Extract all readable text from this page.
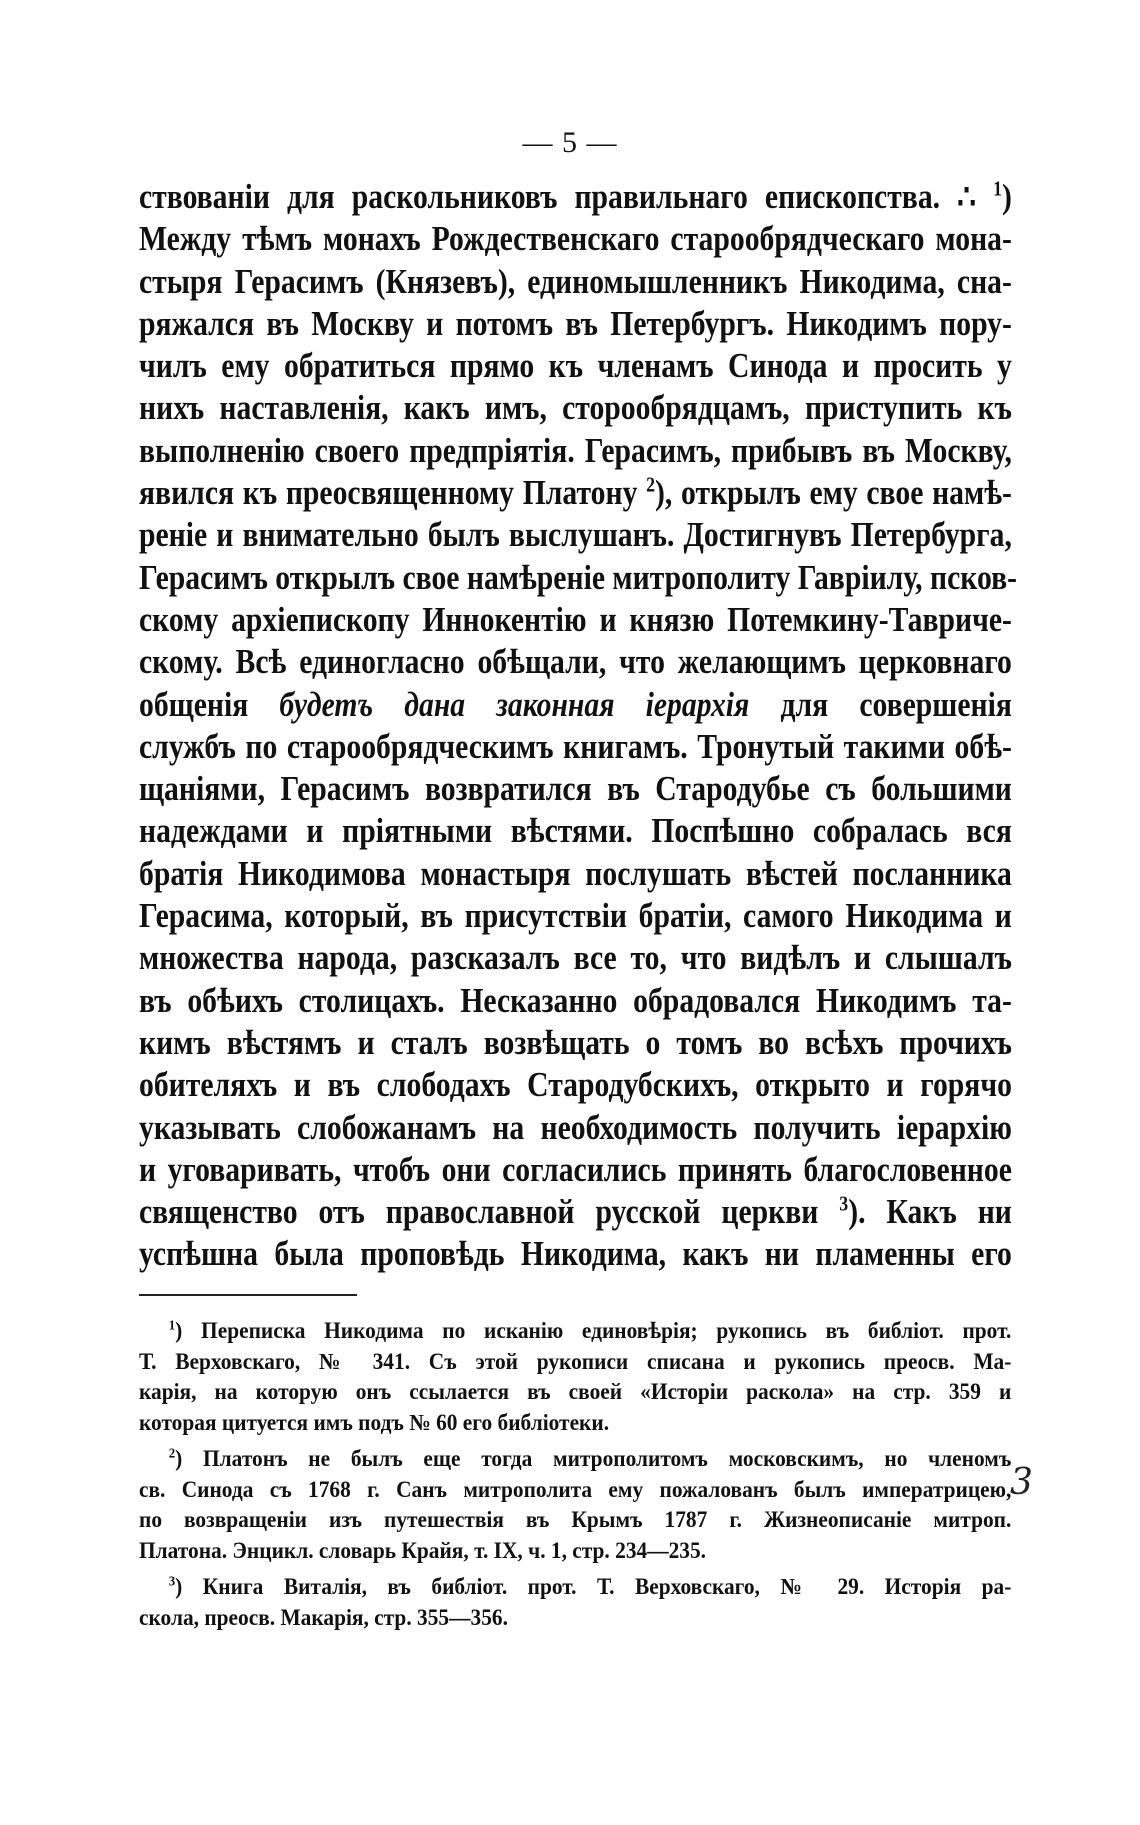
— 5 —
ствованіи для раскольниковъ правильнаго епископства. ∴ $^1$)
Между тѣмъ монахъ Рождественскаго старообрядческаго мона-
стыря Герасимъ (Князевъ), единомышленникъ Никодима, сна-
ряжался въ Москву и потомъ въ Петербургъ. Никодимъ пору-
чилъ ему обратиться прямо къ членамъ Синода и просить у
нихъ наставленія, какъ имъ, сторообрядцамъ, приступить къ
выполненію своего предпріятія. Герасимъ, прибывъ въ Москву,
явился къ преосвященному Платону $^2$), открылъ ему свое намѣ-
реніе и внимательно былъ выслушанъ. Достигнувъ Петербурга,
Герасимъ открылъ свое намѣреніе митрополиту Гавріилу, псков-
скому архіепископу Иннокентію и князю Потемкину-Тавриче-
скому. Всѣ единогласно обѣщали, что желающимъ церковнаго
общенія будетъ дана законная іерархія для совершенія
службъ по старообрядческимъ книгамъ. Тронутый такими обѣ-
щаніями, Герасимъ возвратился въ Стародубье съ большими
надеждами и пріятными вѣстями. Поспѣшно собралась вся
братія Никодимова монастыря послушать вѣстей посланника
Герасима, который, въ присутствіи братіи, самого Никодима и
множества народа, разсказалъ все то, что видѣлъ и слышалъ
въ обѣихъ столицахъ. Несказанно обрадовался Никодимъ та-
кимъ вѣстямъ и сталъ возвѣщать о томъ во всѣхъ прочихъ
обителяхъ и въ слободахъ Стародубскихъ, открыто и горячо
указывать слобожанамъ на необходимость получить іерархію
и уговаривать, чтобъ они согласились принять благословенное
священство отъ православной русской церкви $^3$). Какъ ни
успѣшна была проповѣдь Никодима, какъ ни пламенны его
$^1$) Переписка Никодима по исканію единовѣрія; рукопись въ библіот. прот.
Т. Верховскаго, № 341. Съ этой рукописи списана и рукопись преосв. Ма-
карія, на которую онъ ссылается въ своей «Исторіи раскола» на стр. 359 и
которая цитуется имъ подъ № 60 его библіотеки.
$^2$) Платонъ не былъ еще тогда митрополитомъ московскимъ, но членомъ
св. Синода съ 1768 г. Санъ митрополита ему пожалованъ былъ императрицею,
по возвращеніи изъ путешествія въ Крымъ 1787 г. Жизнеописаніе митроп.
Платона. Энцикл. словарь Крайя, т. IX, ч. 1, стр. 234—235.
$^3$) Книга Виталія, въ библіот. прот. Т. Верховскаго, № 29. Исторія ра-
скола, преосв. Макарія, стр. 355—356.
3
